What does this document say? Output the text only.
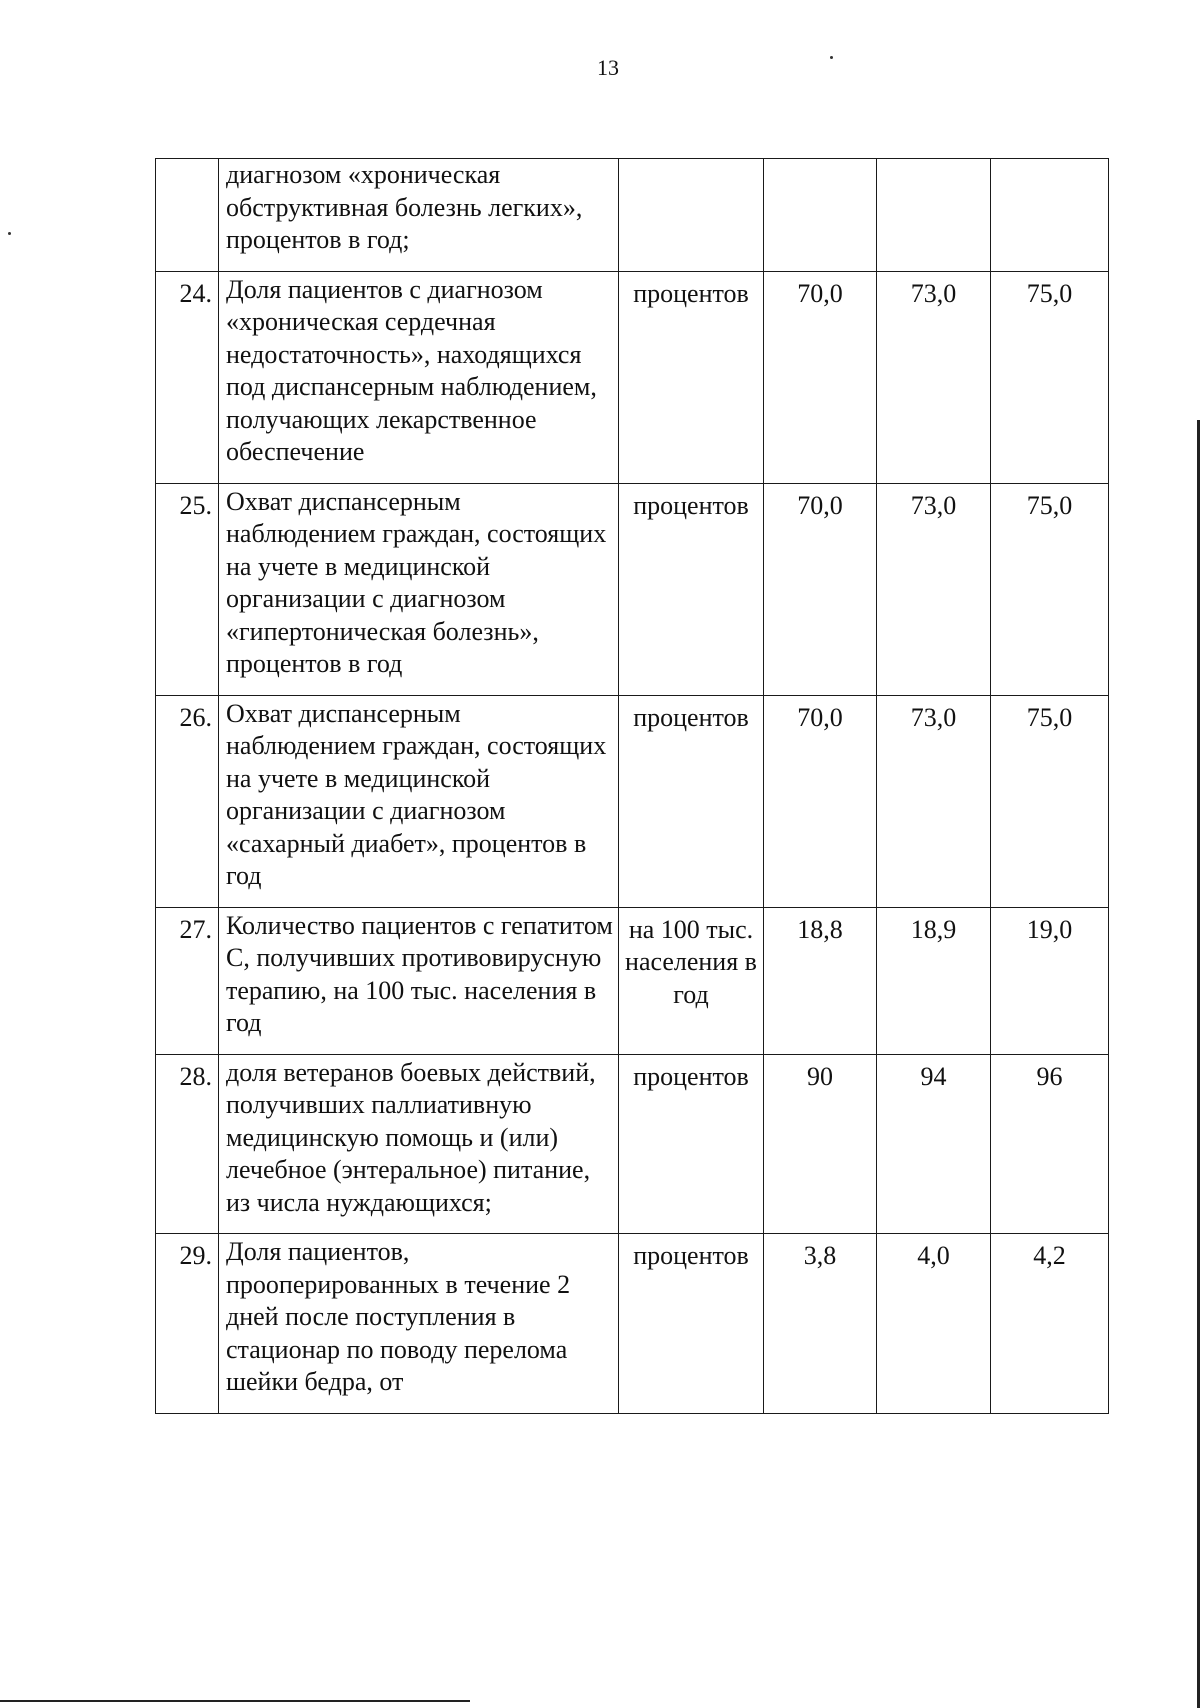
13
	диагнозом «хроническая обструктивная болезнь легких», процентов в год;				
24.	Доля пациентов с диагнозом «хроническая сердечная недостаточность», находящихся под диспансерным наблюдением, получающих лекарственное обеспечение	процентов	70,0	73,0	75,0
25.	Охват диспансерным наблюдением граждан, состоящих на учете в медицинской организации с диагнозом «гипертоническая болезнь», процентов в год	процентов	70,0	73,0	75,0
26.	Охват диспансерным наблюдением граждан, состоящих на учете в медицинской организации с диагнозом «сахарный диабет», процентов в год	процентов	70,0	73,0	75,0
27.	Количество пациентов с гепатитом С, получивших противовирусную терапию, на 100 тыс. населения в год	на 100 тыс. населения в год	18,8	18,9	19,0
28.	доля ветеранов боевых действий, получивших паллиативную медицинскую помощь и (или) лечебное (энтеральное) питание, из числа нуждающихся;	процентов	90	94	96
29.	Доля пациентов, прооперированных в течение 2 дней после поступления в стационар по поводу перелома шейки бедра, от	процентов	3,8	4,0	4,2
